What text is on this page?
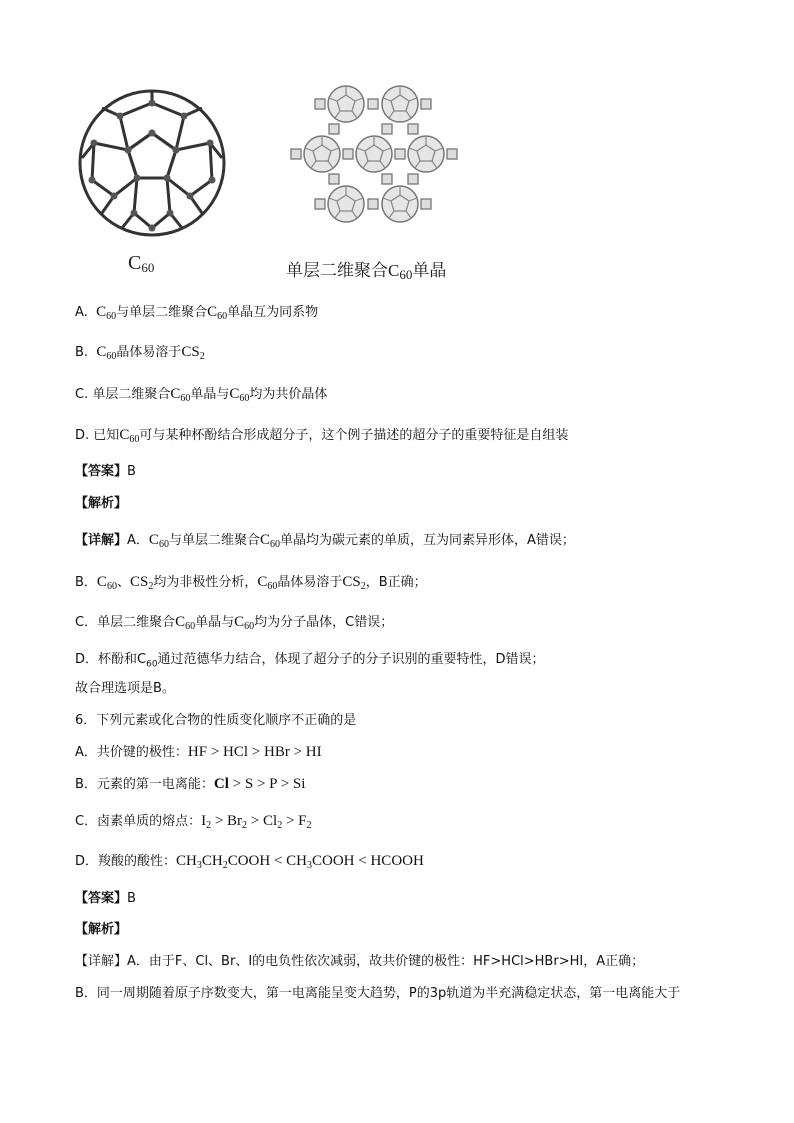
$C_{60}$	单层二维聚合$C_{60}$单晶
A. $C_{60}$与单层二维聚合$C_{60}$单晶互为同系物
B. $C_{60}$晶体易溶于$CS_2$
C. 单层二维聚合$C_{60}$单晶与$C_{60}$均为共价晶体
D. 已知$C_{60}$可与某种杯酚结合形成超分子，这个例子描述的超分子的重要特征是自组装
【答案】B
【解析】
【详解】A．$C_{60}$与单层二维聚合$C_{60}$单晶均为碳元素的单质，互为同素异形体，A错误；
B．$C_{60}$、$CS_2$均为非极性分析，$C_{60}$晶体易溶于$CS_2$，B正确；
C．单层二维聚合$C_{60}$单晶与$C_{60}$均为分子晶体，C错误；
D．杯酚和$C_{60}$通过范德华力结合，体现了超分子的分子识别的重要特性，D错误；
故合理选项是B。
6．下列元素或化合物的性质变化顺序不正确的是
A．共价键的极性：HF > HCl > HBr > HI
B．元素的第一电离能：Cl > S > P > Si
C．卤素单质的熔点：$I_2 > Br_2 > Cl_2 > F_2$
D．羧酸的酸性：$CH_3CH_2COOH$ < $CH_3COOH$ < HCOOH
【答案】B
【解析】
【详解】A．由于F、Cl、Br、I的电负性依次减弱，故共价键的极性：HF>HCl>HBr>HI，A正确；
B．同一周期随着原子序数变大，第一电离能呈变大趋势，P的3p轨道为半充满稳定状态，第一电离能大于
